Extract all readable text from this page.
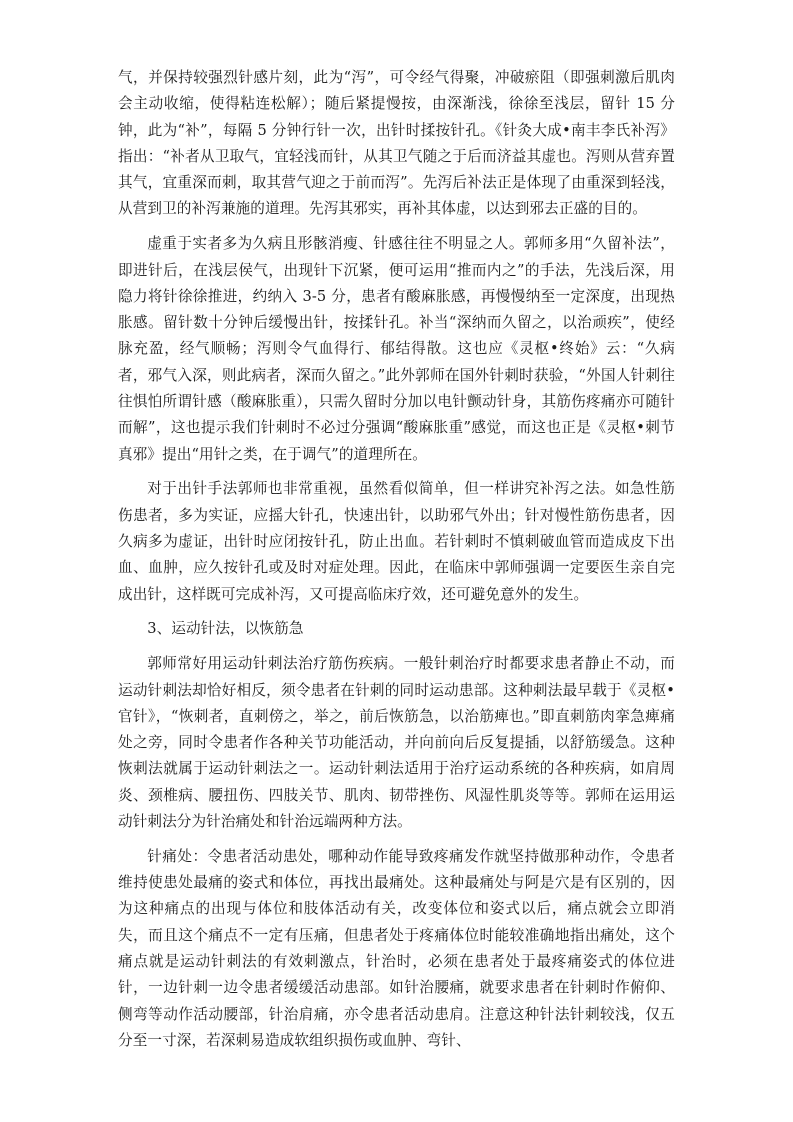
气，并保持较强烈针感片刻，此为“泻”，可令经气得聚，冲破瘀阻（即强刺激后肌肉会主动收缩，使得粘连松解）；随后紧提慢按，由深渐浅，徐徐至浅层，留针 15 分钟，此为“补”，每隔 5 分钟行针一次，出针时揉按针孔。《针灸大成•南丰李氏补泻》指出：“补者从卫取气，宜轻浅而针，从其卫气随之于后而济益其虚也。泻则从营弃置其气，宜重深而刺，取其营气迎之于前而泻”。先泻后补法正是体现了由重深到轻浅，从营到卫的补泻兼施的道理。先泻其邪实，再补其体虚，以达到邪去正盛的目的。

虚重于实者多为久病且形骸消瘦、针感往往不明显之人。郭师多用“久留补法”，即进针后，在浅层侯气，出现针下沉紧，便可运用“推而内之”的手法，先浅后深，用隐力将针徐徐推进，约纳入 3-5 分，患者有酸麻胀感，再慢慢纳至一定深度，出现热胀感。留针数十分钟后缓慢出针，按揉针孔。补当“深纳而久留之，以治顽疾”，使经脉充盈，经气顺畅；泻则令气血得行、郁结得散。这也应《灵枢•终始》云：“久病者，邪气入深，则此病者，深而久留之。”此外郭师在国外针刺时获验，“外国人针刺往往惧怕所谓针感（酸麻胀重），只需久留时分加以电针颤动针身，其筋伤疼痛亦可随针而解”，这也提示我们针刺时不必过分强调“酸麻胀重”感觉，而这也正是《灵枢•刺节真邪》提出“用针之类，在于调气”的道理所在。

对于出针手法郭师也非常重视，虽然看似简单，但一样讲究补泻之法。如急性筋伤患者，多为实证，应摇大针孔，快速出针，以助邪气外出；针对慢性筋伤患者，因久病多为虚证，出针时应闭按针孔，防止出血。若针刺时不慎刺破血管而造成皮下出血、血肿，应久按针孔或及时对症处理。因此，在临床中郭师强调一定要医生亲自完成出针，这样既可完成补泻，又可提高临床疗效，还可避免意外的发生。

3、运动针法，以恢筋急

郭师常好用运动针刺法治疗筋伤疾病。一般针刺治疗时都要求患者静止不动，而运动针刺法却恰好相反，须令患者在针刺的同时运动患部。这种刺法最早载于《灵枢•官针》，“恢刺者，直刺傍之，举之，前后恢筋急，以治筋痺也。”即直刺筋肉挛急痺痛处之旁，同时令患者作各种关节功能活动，并向前向后反复提插，以舒筋缓急。这种恢刺法就属于运动针刺法之一。运动针刺法适用于治疗运动系统的各种疾病，如肩周炎、颈椎病、腰扭伤、四肢关节、肌肉、韧带挫伤、风湿性肌炎等等。郭师在运用运动针刺法分为针治痛处和针治远端两种方法。

针痛处：令患者活动患处，哪种动作能导致疼痛发作就坚持做那种动作，令患者维持使患处最痛的姿式和体位，再找出最痛处。这种最痛处与阿是穴是有区别的，因为这种痛点的出现与体位和肢体活动有关，改变体位和姿式以后，痛点就会立即消失，而且这个痛点不一定有压痛，但患者处于疼痛体位时能较准确地指出痛处，这个痛点就是运动针刺法的有效刺激点，针治时，必须在患者处于最疼痛姿式的体位进针，一边针刺一边令患者缓缓活动患部。如针治腰痛，就要求患者在针刺时作俯仰、侧弯等动作活动腰部，针治肩痛，亦令患者活动患肩。注意这种针法针刺较浅，仅五分至一寸深，若深刺易造成软组织损伤或血肿、弯针、
